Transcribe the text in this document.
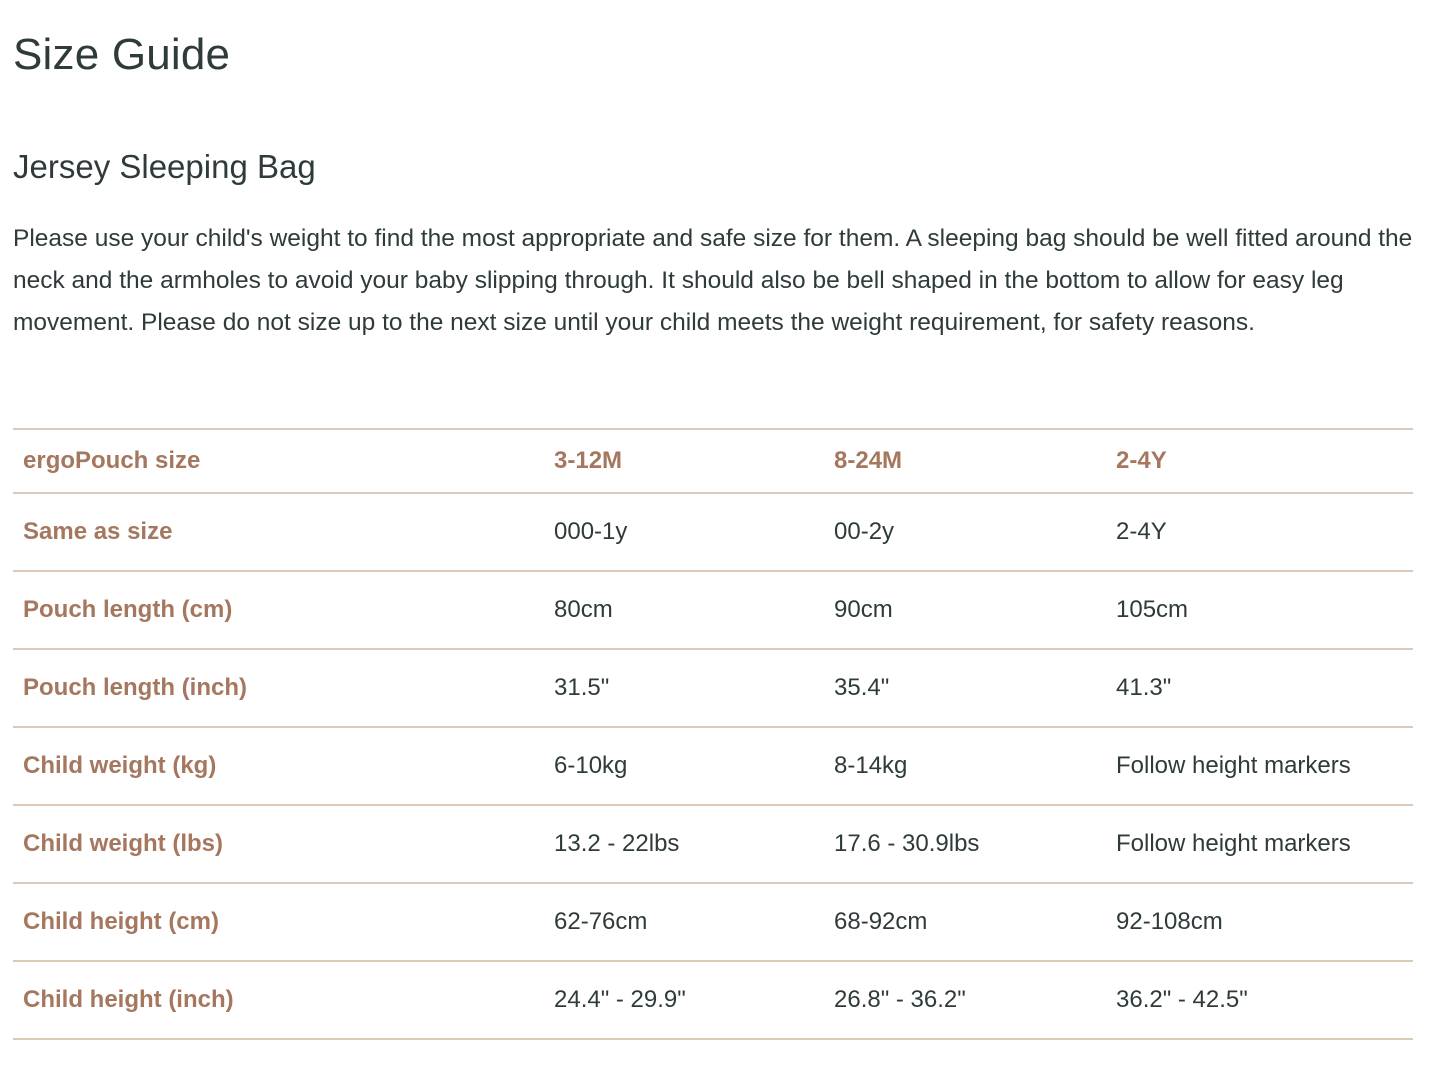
Size Guide
Jersey Sleeping Bag

Please use your child's weight to find the most appropriate and safe size for them. A sleeping bag should be well fitted around the neck and the armholes to avoid your baby slipping through. It should also be bell shaped in the bottom to allow for easy leg movement. Please do not size up to the next size until your child meets the weight requirement, for safety reasons.

ergoPouch size	3-12M	8-24M	2-4Y
Same as size	000-1y	00-2y	2-4Y
Pouch length (cm)	80cm	90cm	105cm
Pouch length (inch)	31.5"	35.4"	41.3"
Child weight (kg)	6-10kg	8-14kg	Follow height markers
Child weight (lbs)	13.2 - 22lbs	17.6 - 30.9lbs	Follow height markers
Child height (cm)	62-76cm	68-92cm	92-108cm
Child height (inch)	24.4" - 29.9"	26.8" - 36.2"	36.2" - 42.5"
